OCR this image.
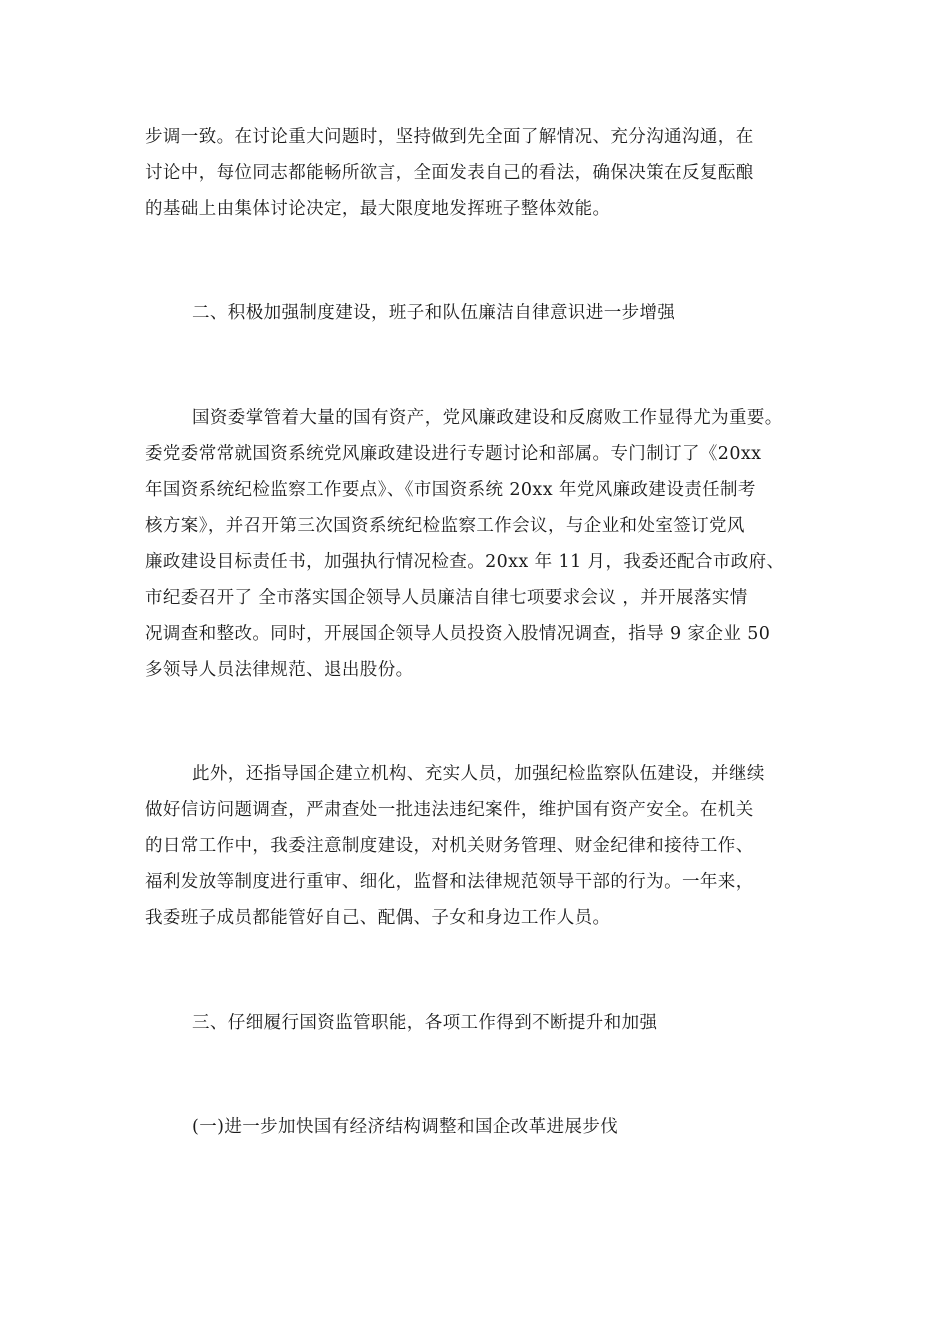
步调一致。在讨论重大问题时，坚持做到先全面了解情况、充分沟通沟通，在
讨论中，每位同志都能畅所欲言，全面发表自己的看法，确保决策在反复酝酿
的基础上由集体讨论决定，最大限度地发挥班子整体效能。
二、积极加强制度建设，班子和队伍廉洁自律意识进一步增强
国资委掌管着大量的国有资产，党风廉政建设和反腐败工作显得尤为重要。
委党委常常就国资系统党风廉政建设进行专题讨论和部属。专门制订了《20xx
年国资系统纪检监察工作要点》、《市国资系统 20xx 年党风廉政建设责任制考
核方案》，并召开第三次国资系统纪检监察工作会议，与企业和处室签订党风
廉政建设目标责任书，加强执行情况检查。20xx 年 11 月，我委还配合市政府、
市纪委召开了 全市落实国企领导人员廉洁自律七项要求会议 ，并开展落实情
况调查和整改。同时，开展国企领导人员投资入股情况调查，指导 9 家企业 50
多领导人员法律规范、退出股份。
此外，还指导国企建立机构、充实人员，加强纪检监察队伍建设，并继续
做好信访问题调查，严肃查处一批违法违纪案件，维护国有资产安全。在机关
的日常工作中，我委注意制度建设，对机关财务管理、财金纪律和接待工作、
福利发放等制度进行重审、细化，监督和法律规范领导干部的行为。一年来，
我委班子成员都能管好自己、配偶、子女和身边工作人员。
三、仔细履行国资监管职能，各项工作得到不断提升和加强
(一)进一步加快国有经济结构调整和国企改革进展步伐
